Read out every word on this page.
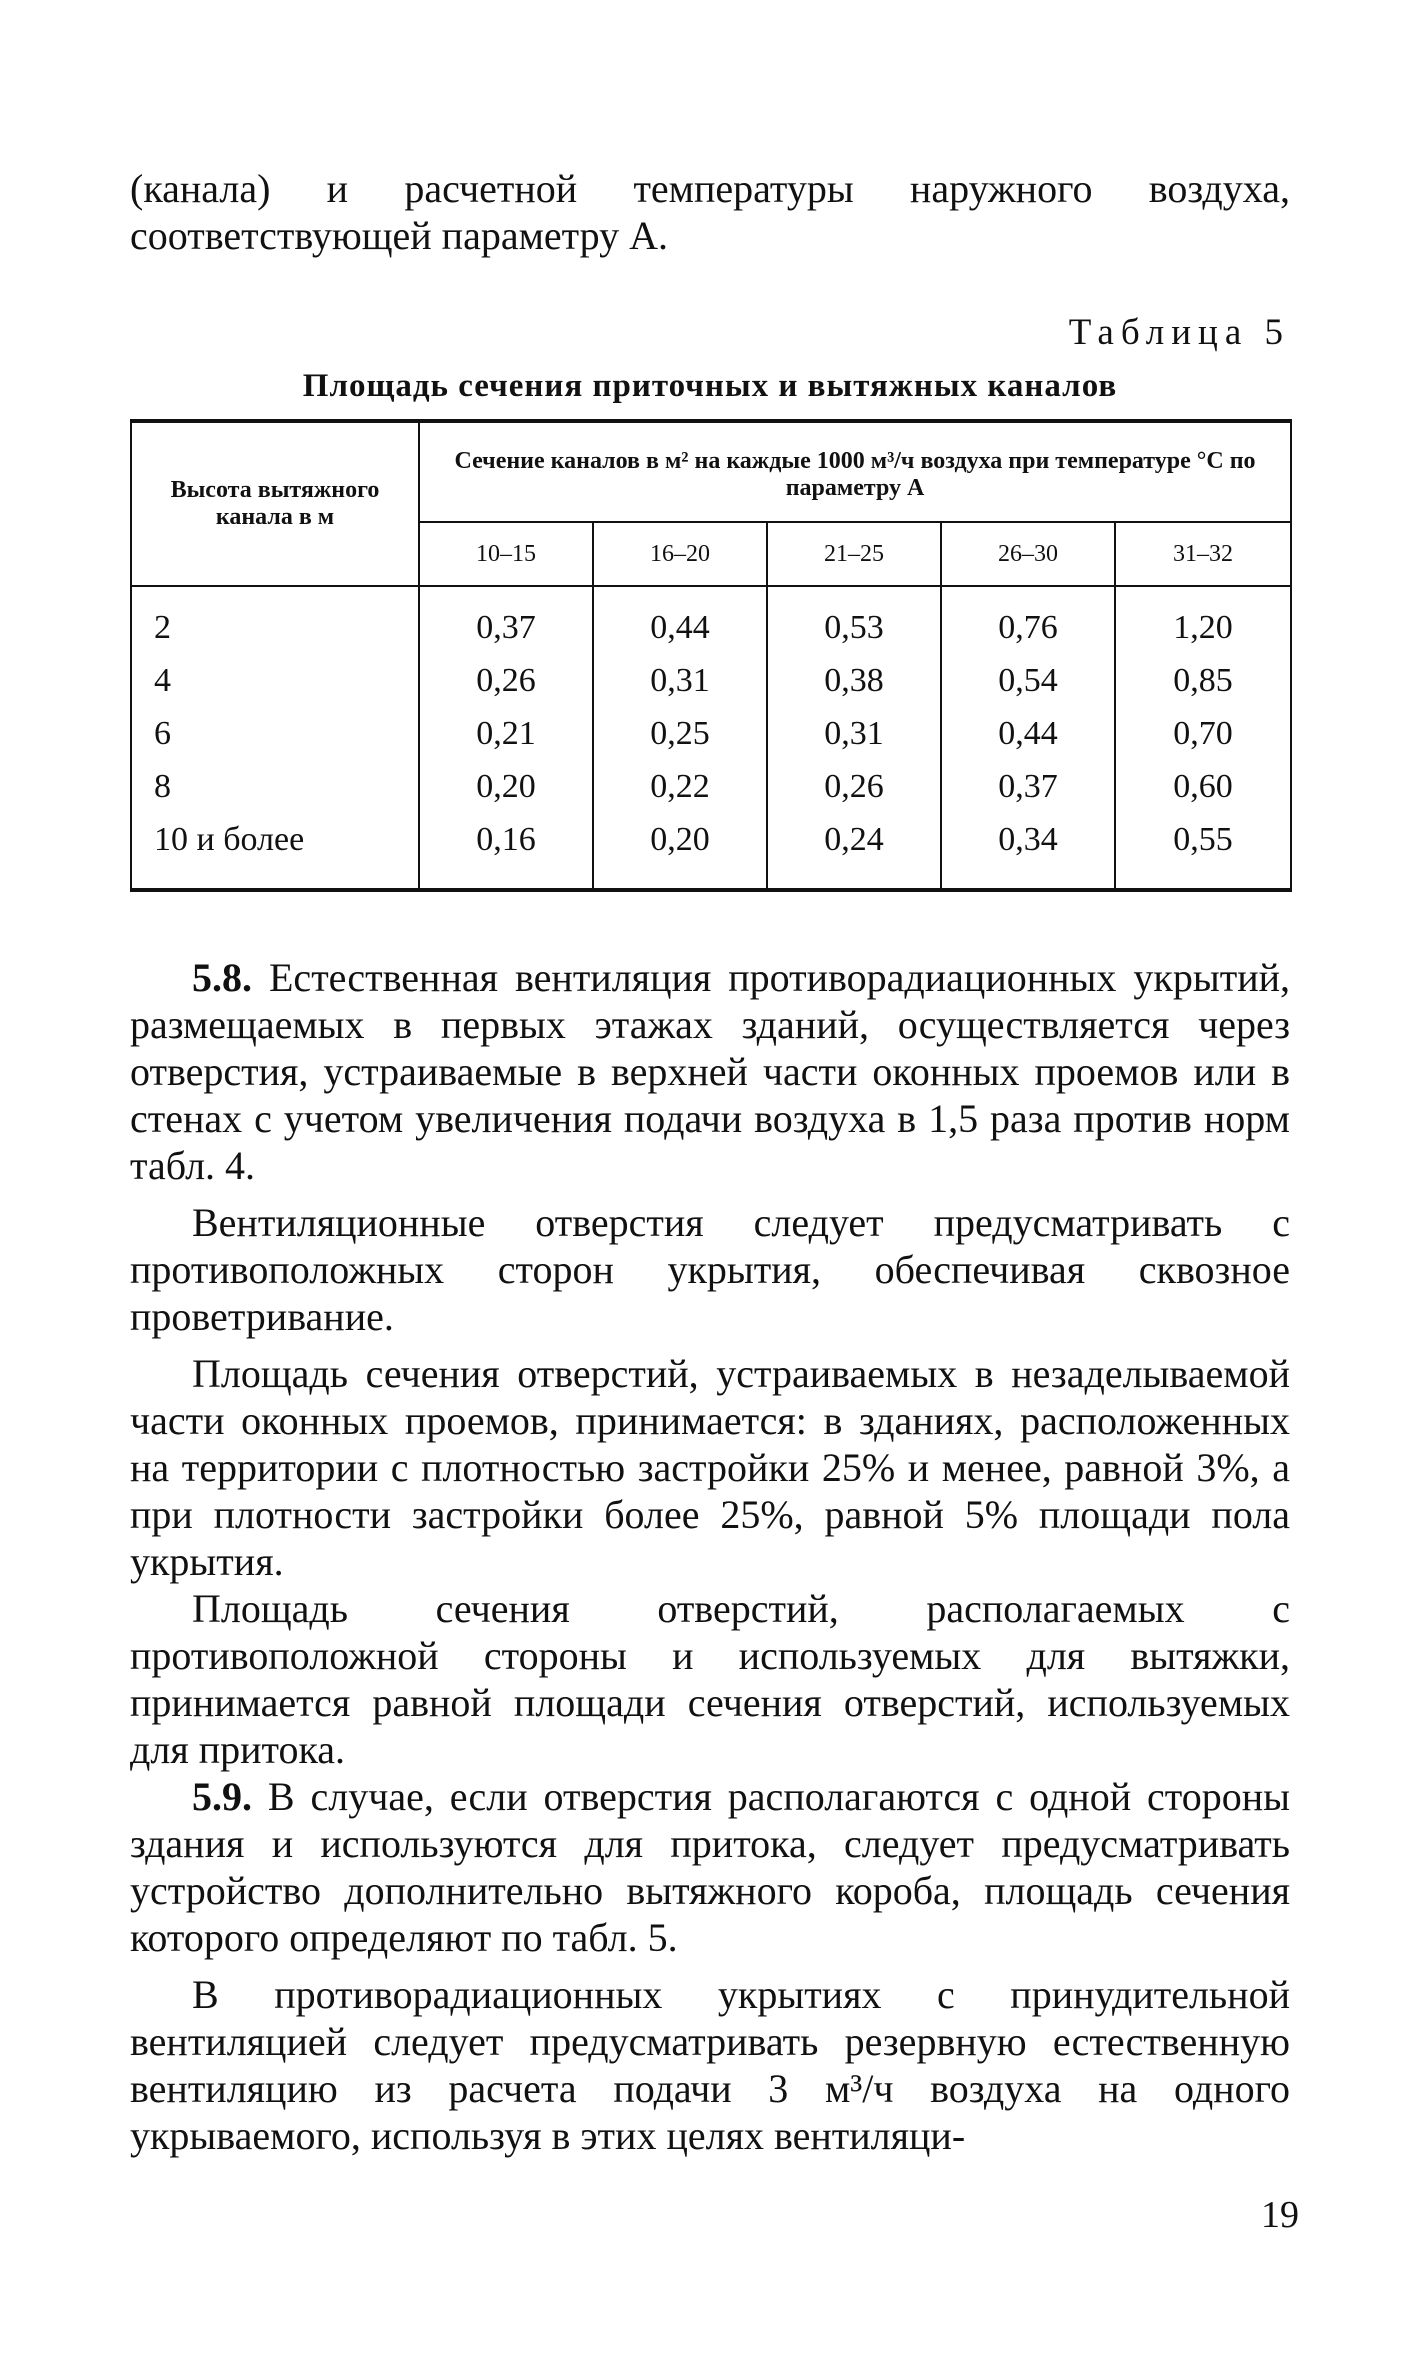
(канала) и расчетной температуры наружного воздуха, соответствующей параметру А.

Таблица 5
Площадь сечения приточных и вытяжных каналов
Высота вытяжного канала в м	Сечение каналов в м² на каждые 1000 м³/ч воздуха при температуре °С по параметру А				
	10–15	16–20	21–25	26–30	31–32
2	0,37	0,44	0,53	0,76	1,20
4	0,26	0,31	0,38	0,54	0,85
6	0,21	0,25	0,31	0,44	0,70
8	0,20	0,22	0,26	0,37	0,60
10 и более	0,16	0,20	0,24	0,34	0,55

5.8. Естественная вентиляция противорадиационных укрытий, размещаемых в первых этажах зданий, осуществляется через отверстия, устраиваемые в верхней части оконных проемов или в стенах с учетом увеличения подачи воздуха в 1,5 раза против норм табл. 4.

Вентиляционные отверстия следует предусматривать с противоположных сторон укрытия, обеспечивая сквозное проветривание.

Площадь сечения отверстий, устраиваемых в незаделываемой части оконных проемов, принимается: в зданиях, расположенных на территории с плотностью застройки 25% и менее, равной 3%, а при плотности застройки более 25%, равной 5% площади пола укрытия.

Площадь сечения отверстий, располагаемых с противоположной стороны и используемых для вытяжки, принимается равной площади сечения отверстий, используемых для притока.

5.9. В случае, если отверстия располагаются с одной стороны здания и используются для притока, следует предусматривать устройство дополнительно вытяжного короба, площадь сечения которого определяют по табл. 5.

В противорадиационных укрытиях с принудительной вентиляцией следует предусматривать резервную естественную вентиляцию из расчета подачи 3 м³/ч воздуха на одного укрываемого, используя в этих целях вентиляци-

19
